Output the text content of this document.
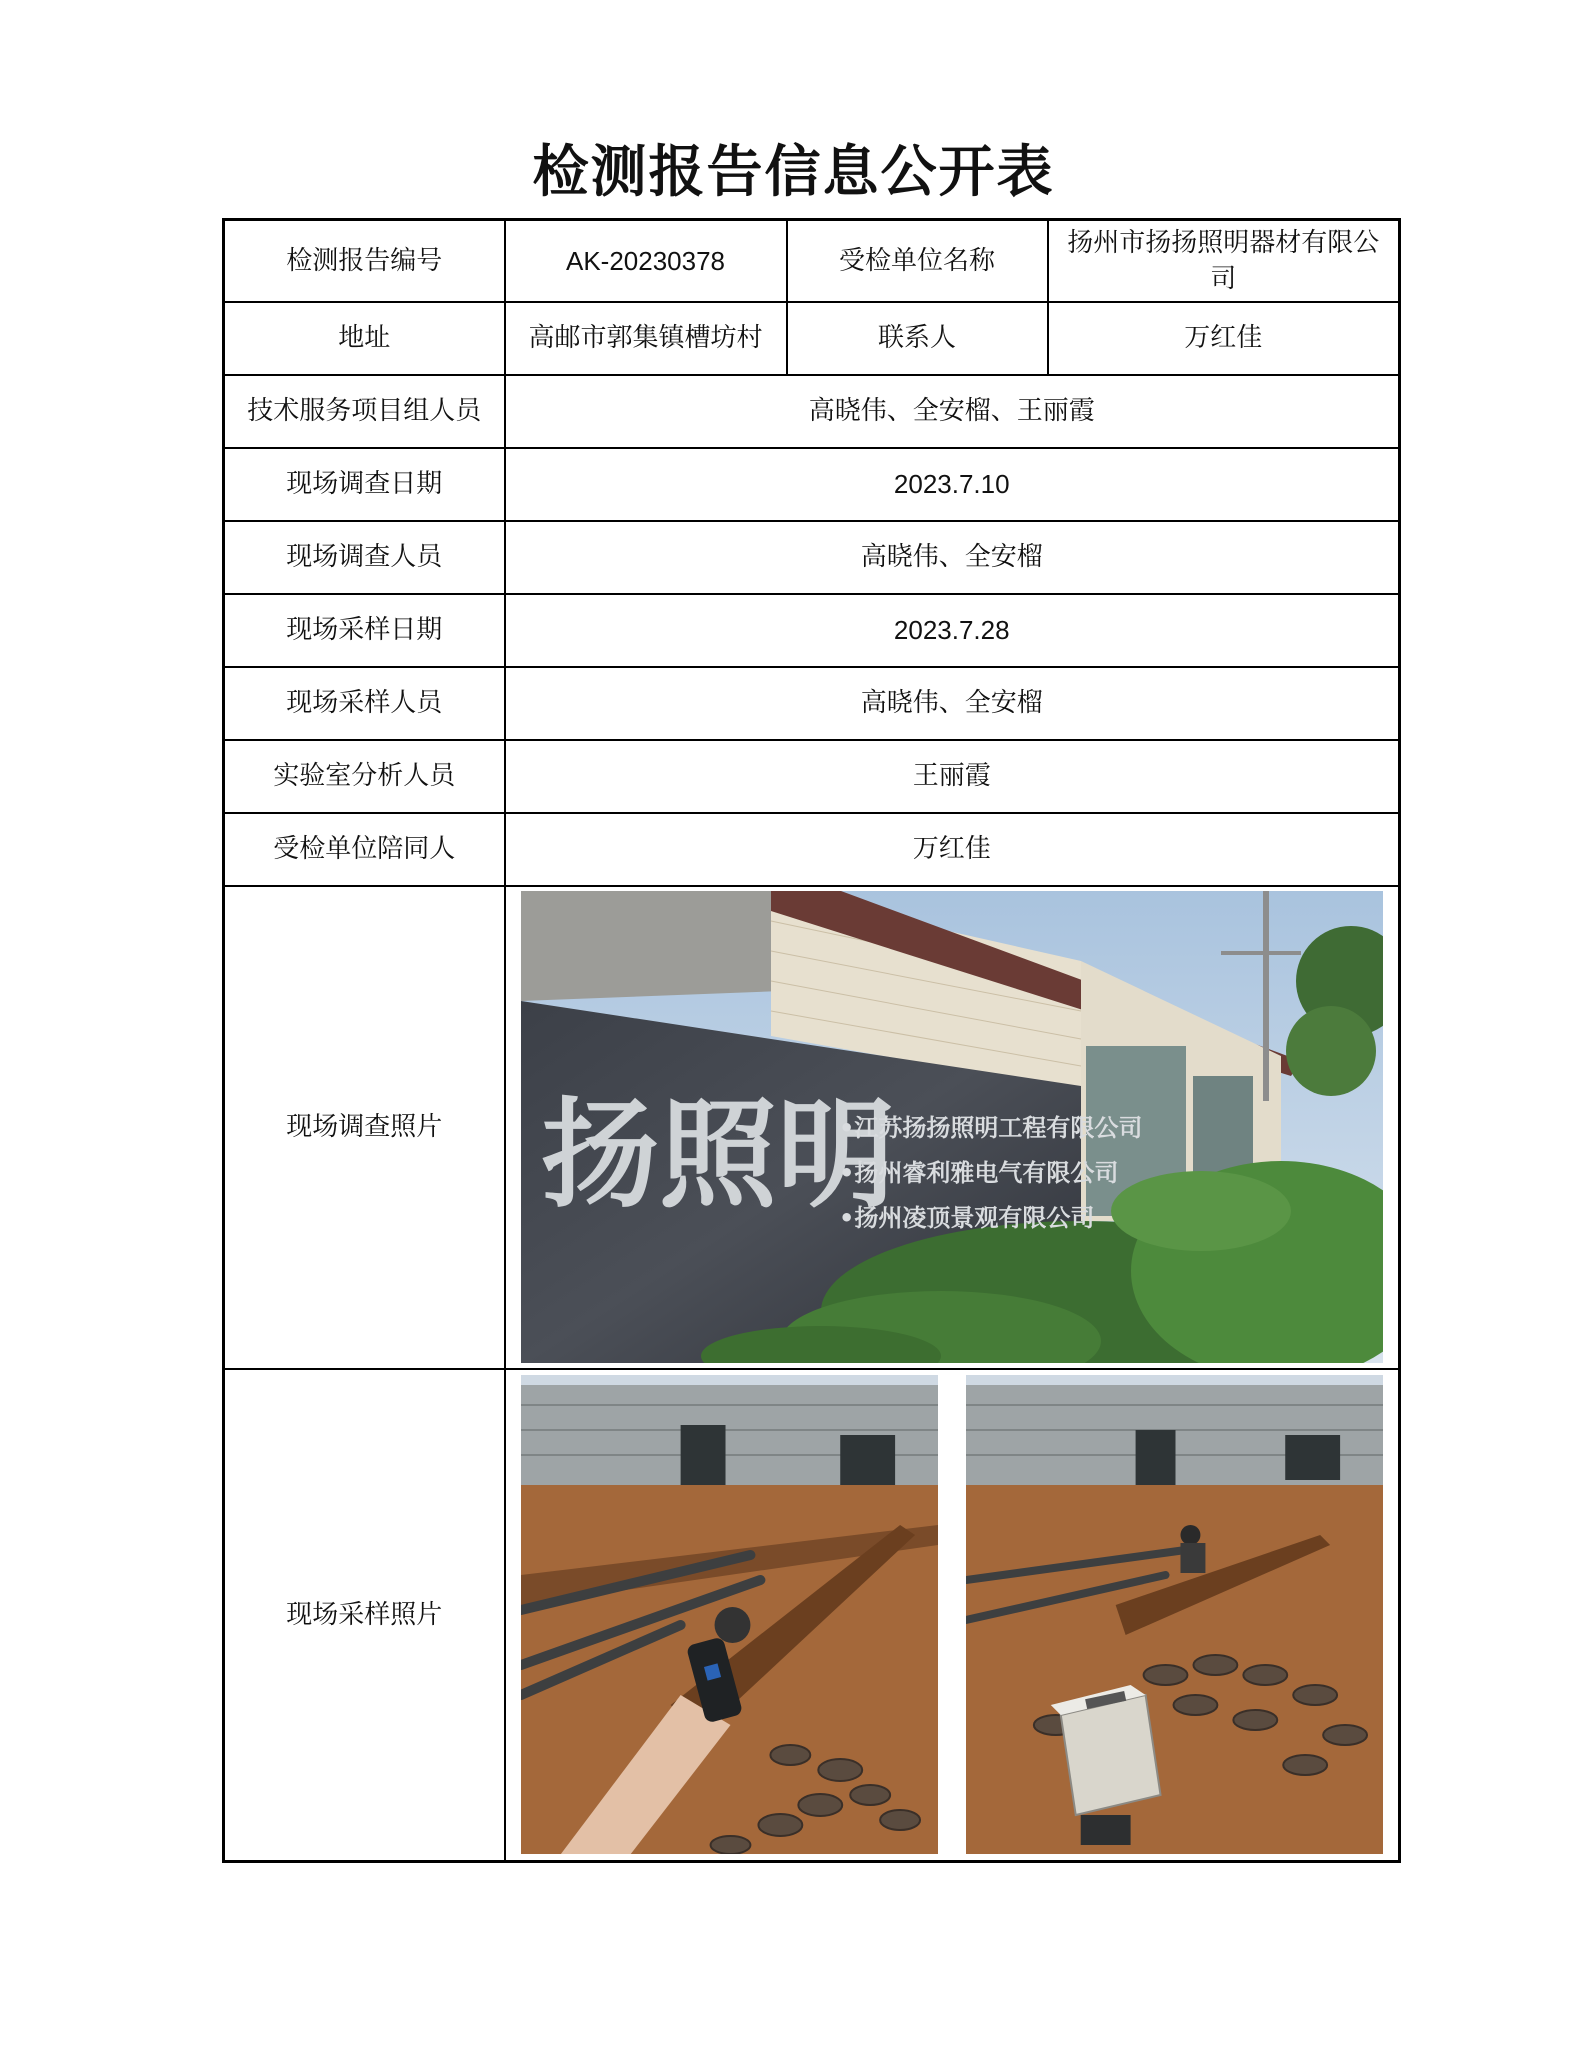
检测报告信息公开表
检测报告编号	AK-20230378	受检单位名称	扬州市扬扬照明器材有限公司
地址	高邮市郭集镇槽坊村	联系人	万红佳
技术服务项目组人员	高晓伟、全安榴、王丽霞		
现场调查日期	2023.7.10		
现场调查人员	高晓伟、全安榴		
现场采样日期	2023.7.28		
现场采样人员	高晓伟、全安榴		
实验室分析人员	王丽霞		
受检单位陪同人	万红佳		
现场调查照片	扬照明
•江苏扬扬照明工程有限公司
•扬州睿利雅电气有限公司
•扬州凌顶景观有限公司		

现场采样照片	
